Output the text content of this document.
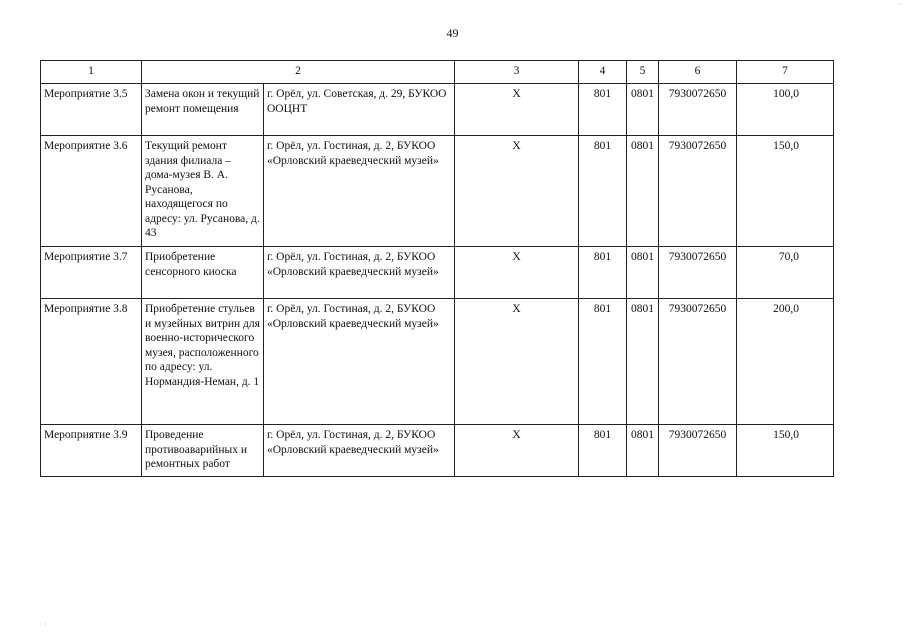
49
1	2		3	4	5	6	7
Мероприятие 3.5	Замена окон и текущий ремонт помещения	г. Орёл, ул. Советская, д. 29, БУКОО ООЦНТ	Х	801	0801	7930072650	100,0
Мероприятие 3.6	Текущий ремонт здания филиала – дома-музея В. А. Русанова, находящегося по адресу: ул. Русанова, д. 43	г. Орёл, ул. Гостиная, д. 2, БУКОО «Орловский краеведческий музей»	Х	801	0801	7930072650	150,0
Мероприятие 3.7	Приобретение сенсорного киоска	г. Орёл, ул. Гостиная, д. 2, БУКОО «Орловский краеведческий музей»	Х	801	0801	7930072650	70,0
Мероприятие 3.8	Приобретение стульев и музейных витрин для военно-исторического музея, расположенного по адресу: ул. Нормандия-Неман, д. 1	г. Орёл, ул. Гостиная, д. 2, БУКОО «Орловский краеведческий музей»	Х	801	0801	7930072650	200,0
Мероприятие 3.9	Проведение противоаварийных и ремонтных работ	г. Орёл, ул. Гостиная, д. 2, БУКОО «Орловский краеведческий музей»	Х	801	0801	7930072650	150,0
·
·
